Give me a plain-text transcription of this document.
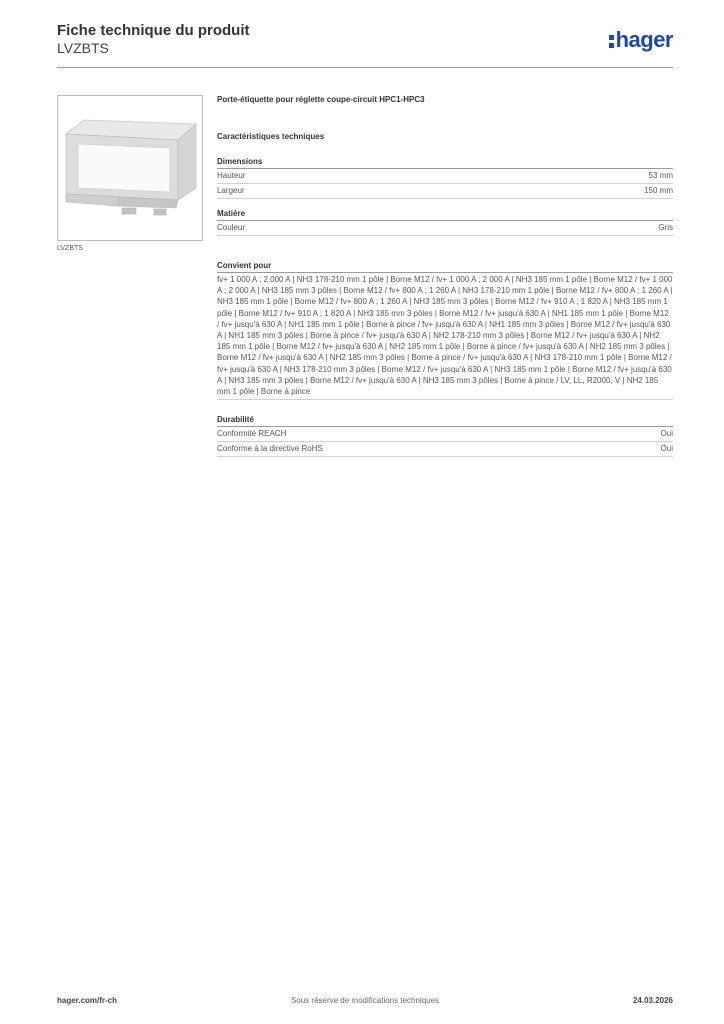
Fiche technique du produit
LVZBTS	hager
LVZBTS
Porte-étiquette pour réglette coupe-circuit HPC1-HPC3
Caractéristiques techniques
Dimensions
Hauteur	53 mm
Largeur	150 mm
Matière
Couleur	Gris
Convient pour
fv+ 1 000 A ; 2 000 A | NH3 178-210 mm 1 pôle | Borne M12 / fv+ 1 000 A ; 2 000 A | NH3 185 mm 1 pôle | Borne M12 / fv+ 1 000 A ; 2 000 A | NH3 185 mm 3 pôles | Borne M12 / fv+ 800 A ; 1 260 A | NH3 178-210 mm 1 pôle | Borne M12 / fv+ 800 A ; 1 260 A | NH3 185 mm 1 pôle | Borne M12 / fv+ 800 A ; 1 260 A | NH3 185 mm 3 pôles | Borne M12 / fv+ 910 A ; 1 820 A | NH3 185 mm 1 pôle | Borne M12 / fv+ 910 A ; 1 820 A | NH3 185 mm 3 pôles | Borne M12 / fv+ jusqu'à 630 A | NH1 185 mm 1 pôle | Borne M12 / fv+ jusqu'à 630 A | NH1 185 mm 1 pôle | Borne à pince / fv+ jusqu'à 630 A | NH1 185 mm 3 pôles | Borne M12 / fv+ jusqu'à 630 A | NH1 185 mm 3 pôles | Borne à pince / fv+ jusqu'à 630 A | NH2 178-210 mm 3 pôles | Borne M12 / fv+ jusqu'à 630 A | NH2 185 mm 1 pôle | Borne M12 / fv+ jusqu'à 630 A | NH2 185 mm 1 pôle | Borne à pince / fv+ jusqu'à 630 A | NH2 185 mm 3 pôles | Borne M12 / fv+ jusqu'à 630 A | NH2 185 mm 3 pôles | Borne à pince / fv+ jusqu'à 630 A | NH3 178-210 mm 1 pôle | Borne M12 / fv+ jusqu'à 630 A | NH3 178-210 mm 3 pôles | Borne M12 / fv+ jusqu'à 630 A | NH3 185 mm 1 pôle | Borne M12 / fv+ jusqu'à 630 A | NH3 185 mm 3 pôles | Borne M12 / fv+ jusqu'à 630 A | NH3 185 mm 3 pôles | Borne à pince / LV, LL, R2000, V | NH2 185 mm 1 pôle | Borne à pince
Durabilité
Conformité REACH	Oui
Conforme à la directive RoHS	Oui
hager.com/fr-ch	Sous réserve de modifications techniques	24.03.2026
